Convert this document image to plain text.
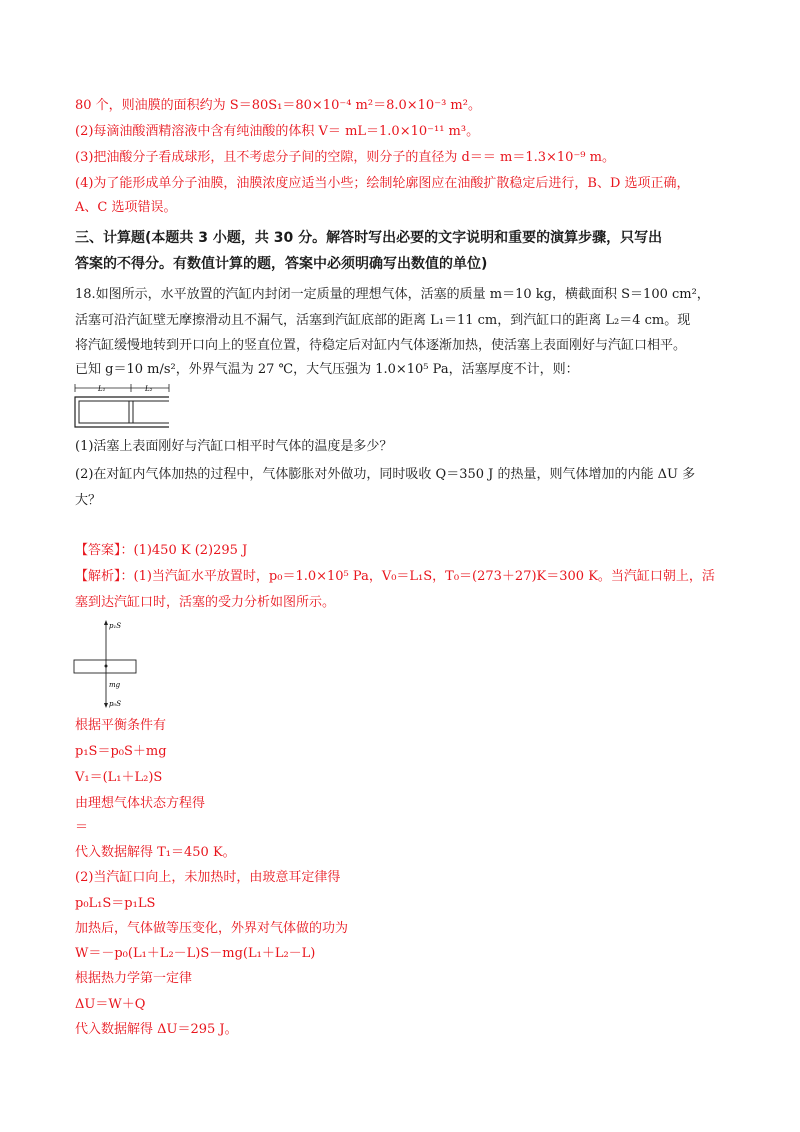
80 个，则油膜的面积约为 S＝80S₁＝80×10⁻⁴ m²＝8.0×10⁻³ m²。
(2)每滴油酸酒精溶液中含有纯油酸的体积 V＝ mL＝1.0×10⁻¹¹ m³。
(3)把油酸分子看成球形，且不考虑分子间的空隙，则分子的直径为 d＝＝ m＝1.3×10⁻⁹ m。
(4)为了能形成单分子油膜，油膜浓度应适当小些；绘制轮廓图应在油酸扩散稳定后进行，B、D 选项正确，
A、C 选项错误。
三、计算题(本题共 3 小题，共 30 分。解答时写出必要的文字说明和重要的演算步骤，只写出
答案的不得分。有数值计算的题，答案中必须明确写出数值的单位)
18.如图所示，水平放置的汽缸内封闭一定质量的理想气体，活塞的质量 m＝10 kg，横截面积 S＝100 cm²，
活塞可沿汽缸壁无摩擦滑动且不漏气，活塞到汽缸底部的距离 L₁＝11 cm，到汽缸口的距离 L₂＝4 cm。现
将汽缸缓慢地转到开口向上的竖直位置，待稳定后对缸内气体逐渐加热，使活塞上表面刚好与汽缸口相平。
已知 g＝10 m/s²，外界气温为 27 ℃，大气压强为 1.0×10⁵ Pa，活塞厚度不计，则：
L₁	L₂
(1)活塞上表面刚好与汽缸口相平时气体的温度是多少？
(2)在对缸内气体加热的过程中，气体膨胀对外做功，同时吸收 Q＝350 J 的热量，则气体增加的内能 ΔU 多
大？
【答案】：(1)450 K (2)295 J
【解析】：(1)当汽缸水平放置时，p₀＝1.0×10⁵ Pa，V₀＝L₁S，T₀＝(273＋27)K＝300 K。当汽缸口朝上，活
塞到达汽缸口时，活塞的受力分析如图所示。
p₁S
mg
p₀S
根据平衡条件有
p₁S＝p₀S＋mg
V₁＝(L₁＋L₂)S
由理想气体状态方程得
＝
代入数据解得 T₁＝450 K。
(2)当汽缸口向上，未加热时，由玻意耳定律得
p₀L₁S＝p₁LS
加热后，气体做等压变化，外界对气体做的功为
W＝－p₀(L₁＋L₂－L)S－mg(L₁＋L₂－L)
根据热力学第一定律
ΔU＝W＋Q
代入数据解得 ΔU＝295 J。
